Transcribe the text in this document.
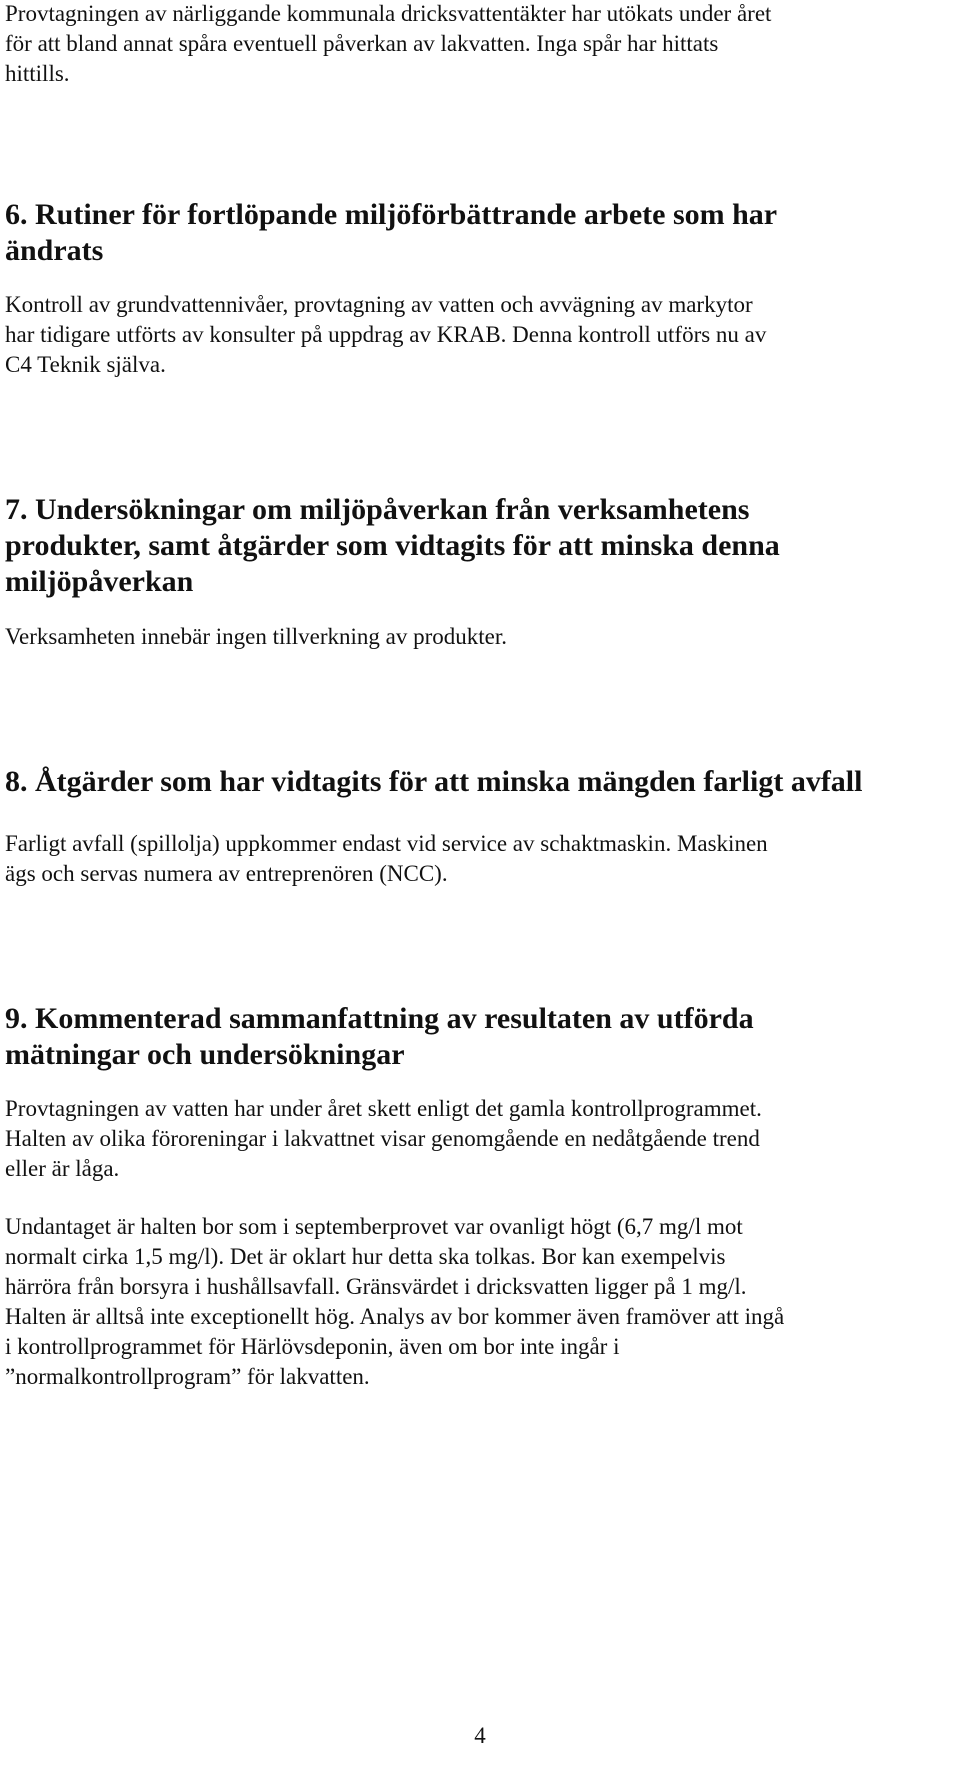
Provtagningen av närliggande kommunala dricksvattentäkter har utökats under året
för att bland annat spåra eventuell påverkan av lakvatten. Inga spår har hittats
hittills.
6. Rutiner för fortlöpande miljöförbättrande arbete som har
ändrats
Kontroll av grundvattennivåer, provtagning av vatten och avvägning av markytor
har tidigare utförts av konsulter på uppdrag av KRAB. Denna kontroll utförs nu av
C4 Teknik själva.
7. Undersökningar om miljöpåverkan från verksamhetens
produkter, samt åtgärder som vidtagits för att minska denna
miljöpåverkan
Verksamheten innebär ingen tillverkning av produkter.
8. Åtgärder som har vidtagits för att minska mängden farligt avfall
Farligt avfall (spillolja) uppkommer endast vid service av schaktmaskin. Maskinen
ägs och servas numera av entreprenören (NCC).
9. Kommenterad sammanfattning av resultaten av utförda
mätningar och undersökningar
Provtagningen av vatten har under året skett enligt det gamla kontrollprogrammet.
Halten av olika föroreningar i lakvattnet visar genomgående en nedåtgående trend
eller är låga.
Undantaget är halten bor som i septemberprovet var ovanligt högt (6,7 mg/l mot
normalt cirka 1,5 mg/l). Det är oklart hur detta ska tolkas. Bor kan exempelvis
härröra från borsyra i hushållsavfall. Gränsvärdet i dricksvatten ligger på 1 mg/l.
Halten är alltså inte exceptionellt hög. Analys av bor kommer även framöver att ingå
i kontrollprogrammet för Härlövsdeponin, även om bor inte ingår i
”normalkontrollprogram” för lakvatten.
4
